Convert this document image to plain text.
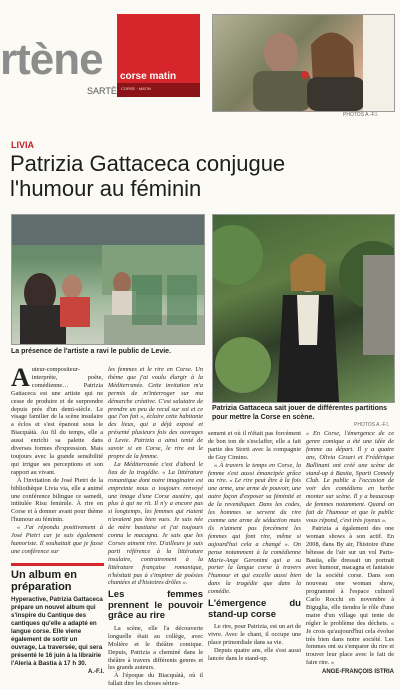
rtène
SARTÈ
corse matin
CORSE · MATIN
PHOTOS A.-F.I.
LIVIA
Patrizia Gattaceca conjugue
l'humour au féminin
La présence de l'artiste a ravi le public de Levie.
Patrizia Gattaceca sait jouer de différentes partitions pour mettre la Corse en scène.
PHOTOS A.-F.I.

Auteur-compositeur-interprète, poète, comédienne… Patrizia Gattaceca est une artiste qui ne cesse de produire et de surprendre depuis près d'un demi-siècle. Le visage familier de la scène insulaire a éclos et s'est épanoui sous le Biacquàtà. Au fil du temps, elle a aussi enrichi sa palette dans diverses formes d'expression. Mais toujours avec la grande sensibilité qui irrigue ses perceptions et son rapport au vivant.

À l'invitation de José Pietri de la bibliothèque Livia via, elle a animé une conférence bilingue ce samedi, intitulée Risu feminile. À rire en Corse et à donner avant pour thème l'humour au féminin.

« J'ai répondu positivement à José Pietri car je suis également humoriste. Il souhaitait que je fasse une conférence sur

Un album en préparation
Hyperactive, Patrizia Gattaceca prépare un nouvel album qui s'inspire du Cantique des cantiques qu'elle a adapté en langue corse. Elle viene également de sortir un ouvrage, La traversée, qui sera présenté le 16 juin à la librairie l'Aleria à Bastia à 17 h 30.
A.-F.I.

les femmes et le rire en Corse. Un thème que j'ai voulu élargir à la Méditerranée. Cette invitation m'a permis de m'interroger sur ma démarche créative. C'est salutaire de prendre un peu de recul sur soi et ce que l'on fait », éclaire cette habitante des lieux, qui a déjà exposé et présenté plusieurs fois des ouvrages à Levie. Patrizia a ainsi tenté de savoir si en Corse, le rire est le propre de la femme.

La Méditerranée c'est d'abord le lieu de la tragédie. « La littérature romantique dont notre imaginaire est empreinte nous a toujours renvoyé une image d'une Corse austère, qui plus à qui ne rit. Il n'y a encore pas si longtemps, les femmes qui riaient n'avaient pas bien vues. Je suis née de mère bastiaise et j'ai toujours connu le macagna. Je sais que les Corses aiment rire. D'ailleurs je suis parti référence à la littérature insulaire, contrairement à la littérature française romanique, n'hésitait pas à s'inspirer de poésies chantées et d'histoires drôles ».

Les femmes prennent le pouvoir grâce au rire

La scène, elle l'a découverte longuelle était au collège, avec Molière et le théâtre comique. Depuis, Patrizia a cheminé dans le théâtre à travers différents genres et les grands auteurs.

À l'époque du Biacquàtà, où il fallait dire les choses sérieu-

sement et où il n'était pas forcément de bon ton de s'esclaffer, elle a fait partie des Storti avec la compagnie de Guy Cimino.

« À travers le temps en Corse, la femme s'est aussi émancipée grâce au rire. « Le rire peut être à la fois une arme, une arme de pouvoir, une autre façon d'exposer sa féminité et de la revendiquer. Dans les codes, les hommes se servent du rire comme une arme de séduction mais ils n'aiment pas forcément les femmes qui font rire, même si aujourd'hui cela a changé ». On pense notamment à la comédienne Marie-Ange Geronimi qui a su porter la langue corse à travers l'humour et qui excelle aussi bien dans la tragédie que dans la comédie.

L'émergence du stand-up corse

Le rire, pour Patrizia, est un art de vivre. Avec le chant, il occupe une place primordiale dans sa vie.

Depuis quatre ans, elle s'est aussi lancée dans le stand-up.

« En Corse, l'émergence de ce genre comique a été une idée de femme au départ. Il y a quatre ans, Olivia Cesari et Frédérique Ballinani ont créé une scène de stand-up à Bastia, Sparti Comedy Club. Le public a l'occasion de voir des comédiens en herbe monter sur scène. Il y a beaucoup de femmes notamment. Quand on fait de l'humour et que le public vous répond, c'est très joyeux ».

Patrizia a également des one woman shows à son actif. En 2008, dans By air, l'histoire d'une bêtesse de l'air sur un vol Paris-Bastia, elle dressait un portrait avec humour, macagna et fantaisie de la société corse. Dans son nouveau one woman show, programmé à l'espace culturel Carlo Rocchi en novembre à Biguglia, elle tiendra le rôle d'une maire d'un village qui tente de régler le problème des déchets. « Je crois qu'aujourd'hui cela évolue très bien dans notre société. Les femmes ont su s'emparer du rire et trouver leur place avec le fait de faire rire. »

ANGE-FRANÇOIS ISTRIA
